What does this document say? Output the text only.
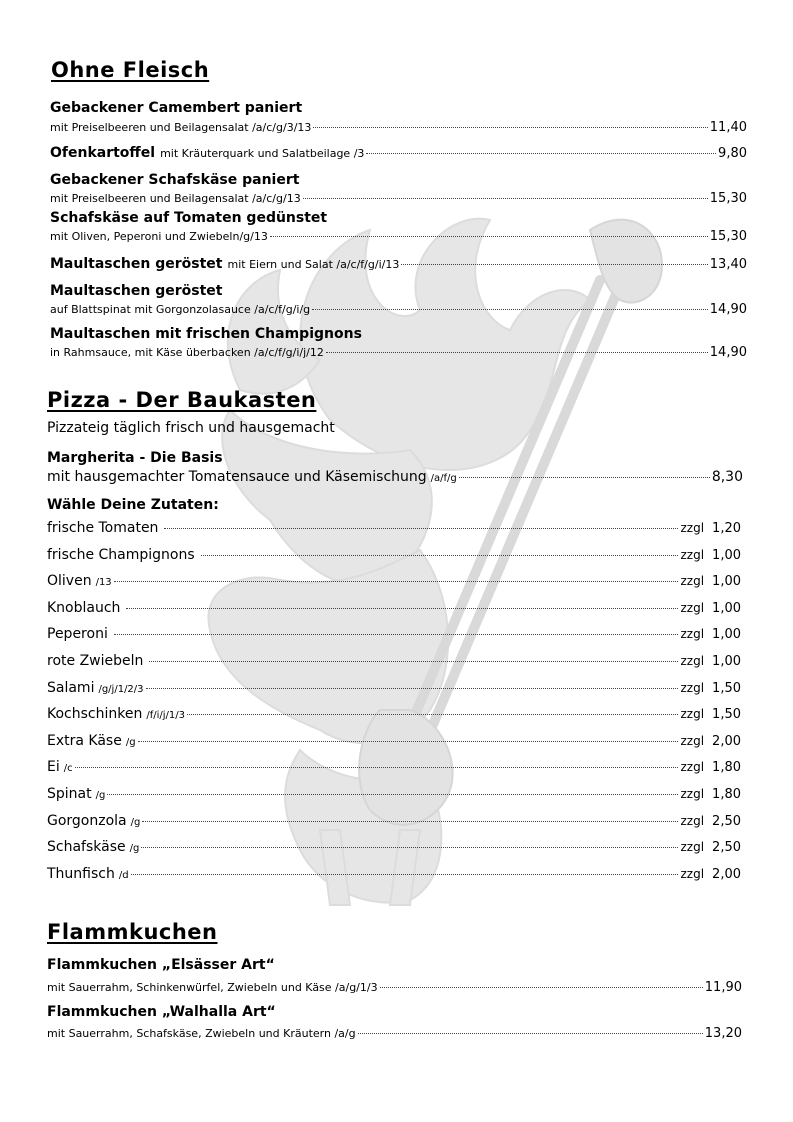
Ohne Fleisch
Gebackener Camembert paniert
mit Preiselbeeren und Beilagensalat /a/c/g/3/13	11,40
Ofenkartoffel mit Kräuterquark und Salatbeilage /3	9,80
Gebackener Schafskäse paniert
mit Preiselbeeren und Beilagensalat /a/c/g/13	15,30
Schafskäse auf Tomaten gedünstet
mit Oliven, Peperoni und Zwiebeln/g/13	15,30
Maultaschen geröstet mit Eiern und Salat /a/c/f/g/i/13	13,40
Maultaschen geröstet
auf Blattspinat mit Gorgonzolasauce /a/c/f/g/i/g	14,90
Maultaschen mit frischen Champignons
in Rahmsauce, mit Käse überbacken /a/c/f/g/i/j/12	14,90
Pizza - Der Baukasten
Pizzateig täglich frisch und hausgemacht
Margherita - Die Basis
mit hausgemachter Tomatensauce und Käsemischung /a/f/g	8,30
Wähle Deine Zutaten:
frische Tomaten	zzgl 1,20
frische Champignons	zzgl 1,00
Oliven /13	zzgl 1,00
Knoblauch	zzgl 1,00
Peperoni	zzgl 1,00
rote Zwiebeln	zzgl 1,00
Salami /g/j/1/2/3	zzgl 1,50
Kochschinken /f/i/j/1/3	zzgl 1,50
Extra Käse /g	zzgl 2,00
Ei /c	zzgl 1,80
Spinat /g	zzgl 1,80
Gorgonzola /g	zzgl 2,50
Schafskäse /g	zzgl 2,50
Thunfisch /d	zzgl 2,00
Flammkuchen
Flammkuchen „Elsässer Art“
mit Sauerrahm, Schinkenwürfel, Zwiebeln und Käse /a/g/1/3	11,90
Flammkuchen „Walhalla Art“
mit Sauerrahm, Schafskäse, Zwiebeln und Kräutern /a/g	13,20
